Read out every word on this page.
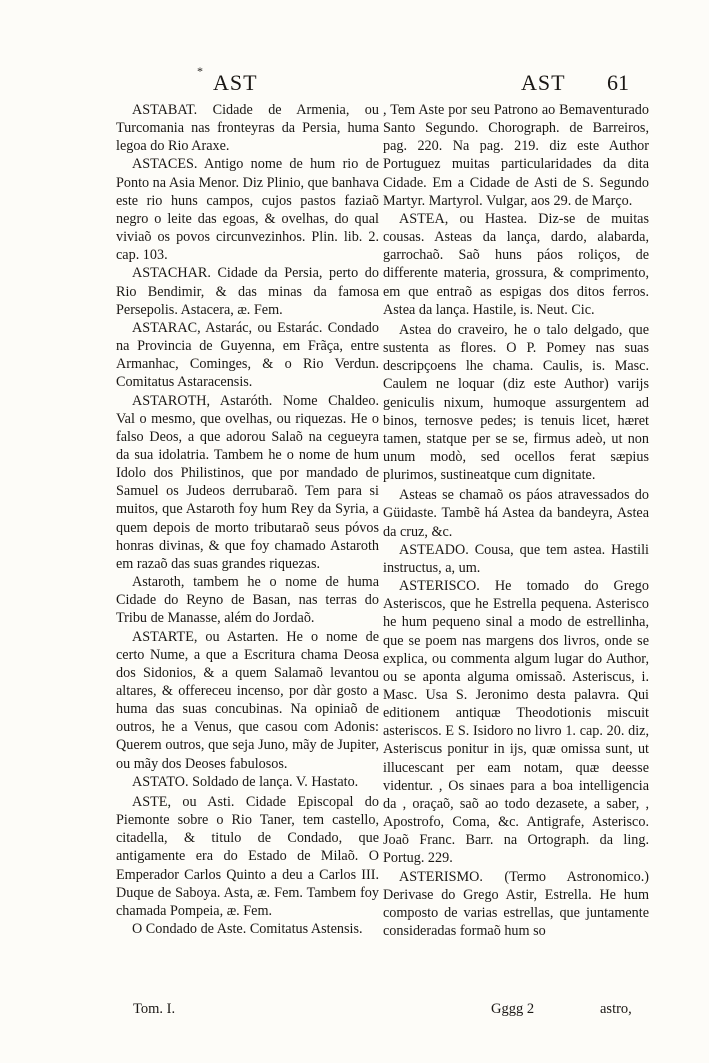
* AST	AST 61

ASTABAT. Cidade de Armenia, ou Turcomania nas fronteyras da Persia, huma legoa do Rio Araxe.

ASTACES. Antigo nome de hum rio de Ponto na Asia Menor. Diz Plinio, que banhava este rio huns campos, cujos pastos faziaõ negro o leite das egoas, & ovelhas, do qual viviaõ os povos circunvezinhos. Plin. lib. 2. cap. 103.

ASTACHAR. Cidade da Persia, perto do Rio Bendimir, & das minas da famosa Persepolis. Astacera, æ. Fem.

ASTARAC, Astarác, ou Estarác. Condado na Provincia de Guyenna, em Frãça, entre Armanhac, Cominges, & o Rio Verdun. Comitatus Astaracensis.

ASTAROTH, Astaróth. Nome Chaldeo. Val o mesmo, que ovelhas, ou riquezas. He o falso Deos, a que adorou Salaõ na cegueyra da sua idolatria. Tambem he o nome de hum Idolo dos Philistinos, que por mandado de Samuel os Judeos derrubaraõ. Tem para si muitos, que Astaroth foy hum Rey da Syria, a quem depois de morto tributaraõ seus póvos honras divinas, & que foy chamado Astaroth em razaõ das suas grandes riquezas.

Astaroth, tambem he o nome de huma Cidade do Reyno de Basan, nas terras do Tribu de Manasse, além do Jordaõ.

ASTARTE, ou Astarten. He o nome de certo Nume, a que a Escritura chama Deosa dos Sidonios, & a quem Salamaõ levantou altares, & offereceu incenso, por dàr gosto a huma das suas concubinas. Na opiniaõ de outros, he a Venus, que casou com Adonis: Querem outros, que seja Juno, mãy de Jupiter, ou mãy dos Deoses fabulosos.

ASTATO. Soldado de lança. V. Hastato.

ASTE, ou Asti. Cidade Episcopal do Piemonte sobre o Rio Taner, tem castello, citadella, & titulo de Condado, que antigamente era do Estado de Milaõ. O Emperador Carlos Quinto a deu a Carlos III. Duque de Saboya. Asta, æ. Fem. Tambem foy chamada Pompeia, æ. Fem.

O Condado de Aste. Comitatus Astensis.

, Tem Aste por seu Patrono ao Bemaventurado Santo Segundo. Chorograph. de Barreiros, pag. 220. Na pag. 219. diz este Author Portuguez muitas particularidades da dita Cidade. Em a Cidade de Asti de S. Segundo Martyr. Martyrol. Vulgar, aos 29. de Março.

ASTEA, ou Hastea. Diz-se de muitas cousas. Asteas da lança, dardo, alabarda, garrochaõ. Saõ huns páos roliços, de differente materia, grossura, & comprimento, em que entraõ as espigas dos ditos ferros. Astea da lança. Hastile, is. Neut. Cic.

Astea do craveiro, he o talo delgado, que sustenta as flores. O P. Pomey nas suas descripçoens lhe chama. Caulis, is. Masc. Caulem ne loquar (diz este Author) varijs geniculis nixum, humoque assurgentem ad binos, ternosve pedes; is tenuis licet, hæret tamen, statque per se se, firmus adeò, ut non unum modò, sed ocellos ferat sæpius plurimos, sustineatque cum dignitate.

Asteas se chamaõ os páos atravessados do Güidaste. Tambẽ há Astea da bandeyra, Astea da cruz, &c.

ASTEADO. Cousa, que tem astea. Hastili instructus, a, um.

ASTERISCO. He tomado do Grego Asteriscos, que he Estrella pequena. Asterisco he hum pequeno sinal a modo de estrellinha, que se poem nas margens dos livros, onde se explica, ou commenta algum lugar do Author, ou se aponta alguma omissaõ. Asteriscus, i. Masc. Usa S. Jeronimo desta palavra. Qui editionem antiquæ Theodotionis miscuit asteriscos. E S. Isidoro no livro 1. cap. 20. diz, Asteriscus ponitur in ijs, quæ omissa sunt, ut illucescant per eam notam, quæ deesse videntur. , Os sinaes para a boa intelligencia da , oraçaõ, saõ ao todo dezasete, a saber, , Apostrofo, Coma, &c. Antigrafe, Asterisco. Joaõ Franc. Barr. na Ortograph. da ling. Portug. 229.

ASTERISMO. (Termo Astronomico.) Derivase do Grego Astir, Estrella. He hum composto de varias estrellas, que juntamente consideradas formaõ hum so

Tom. I.	Gggg 2	astro,
